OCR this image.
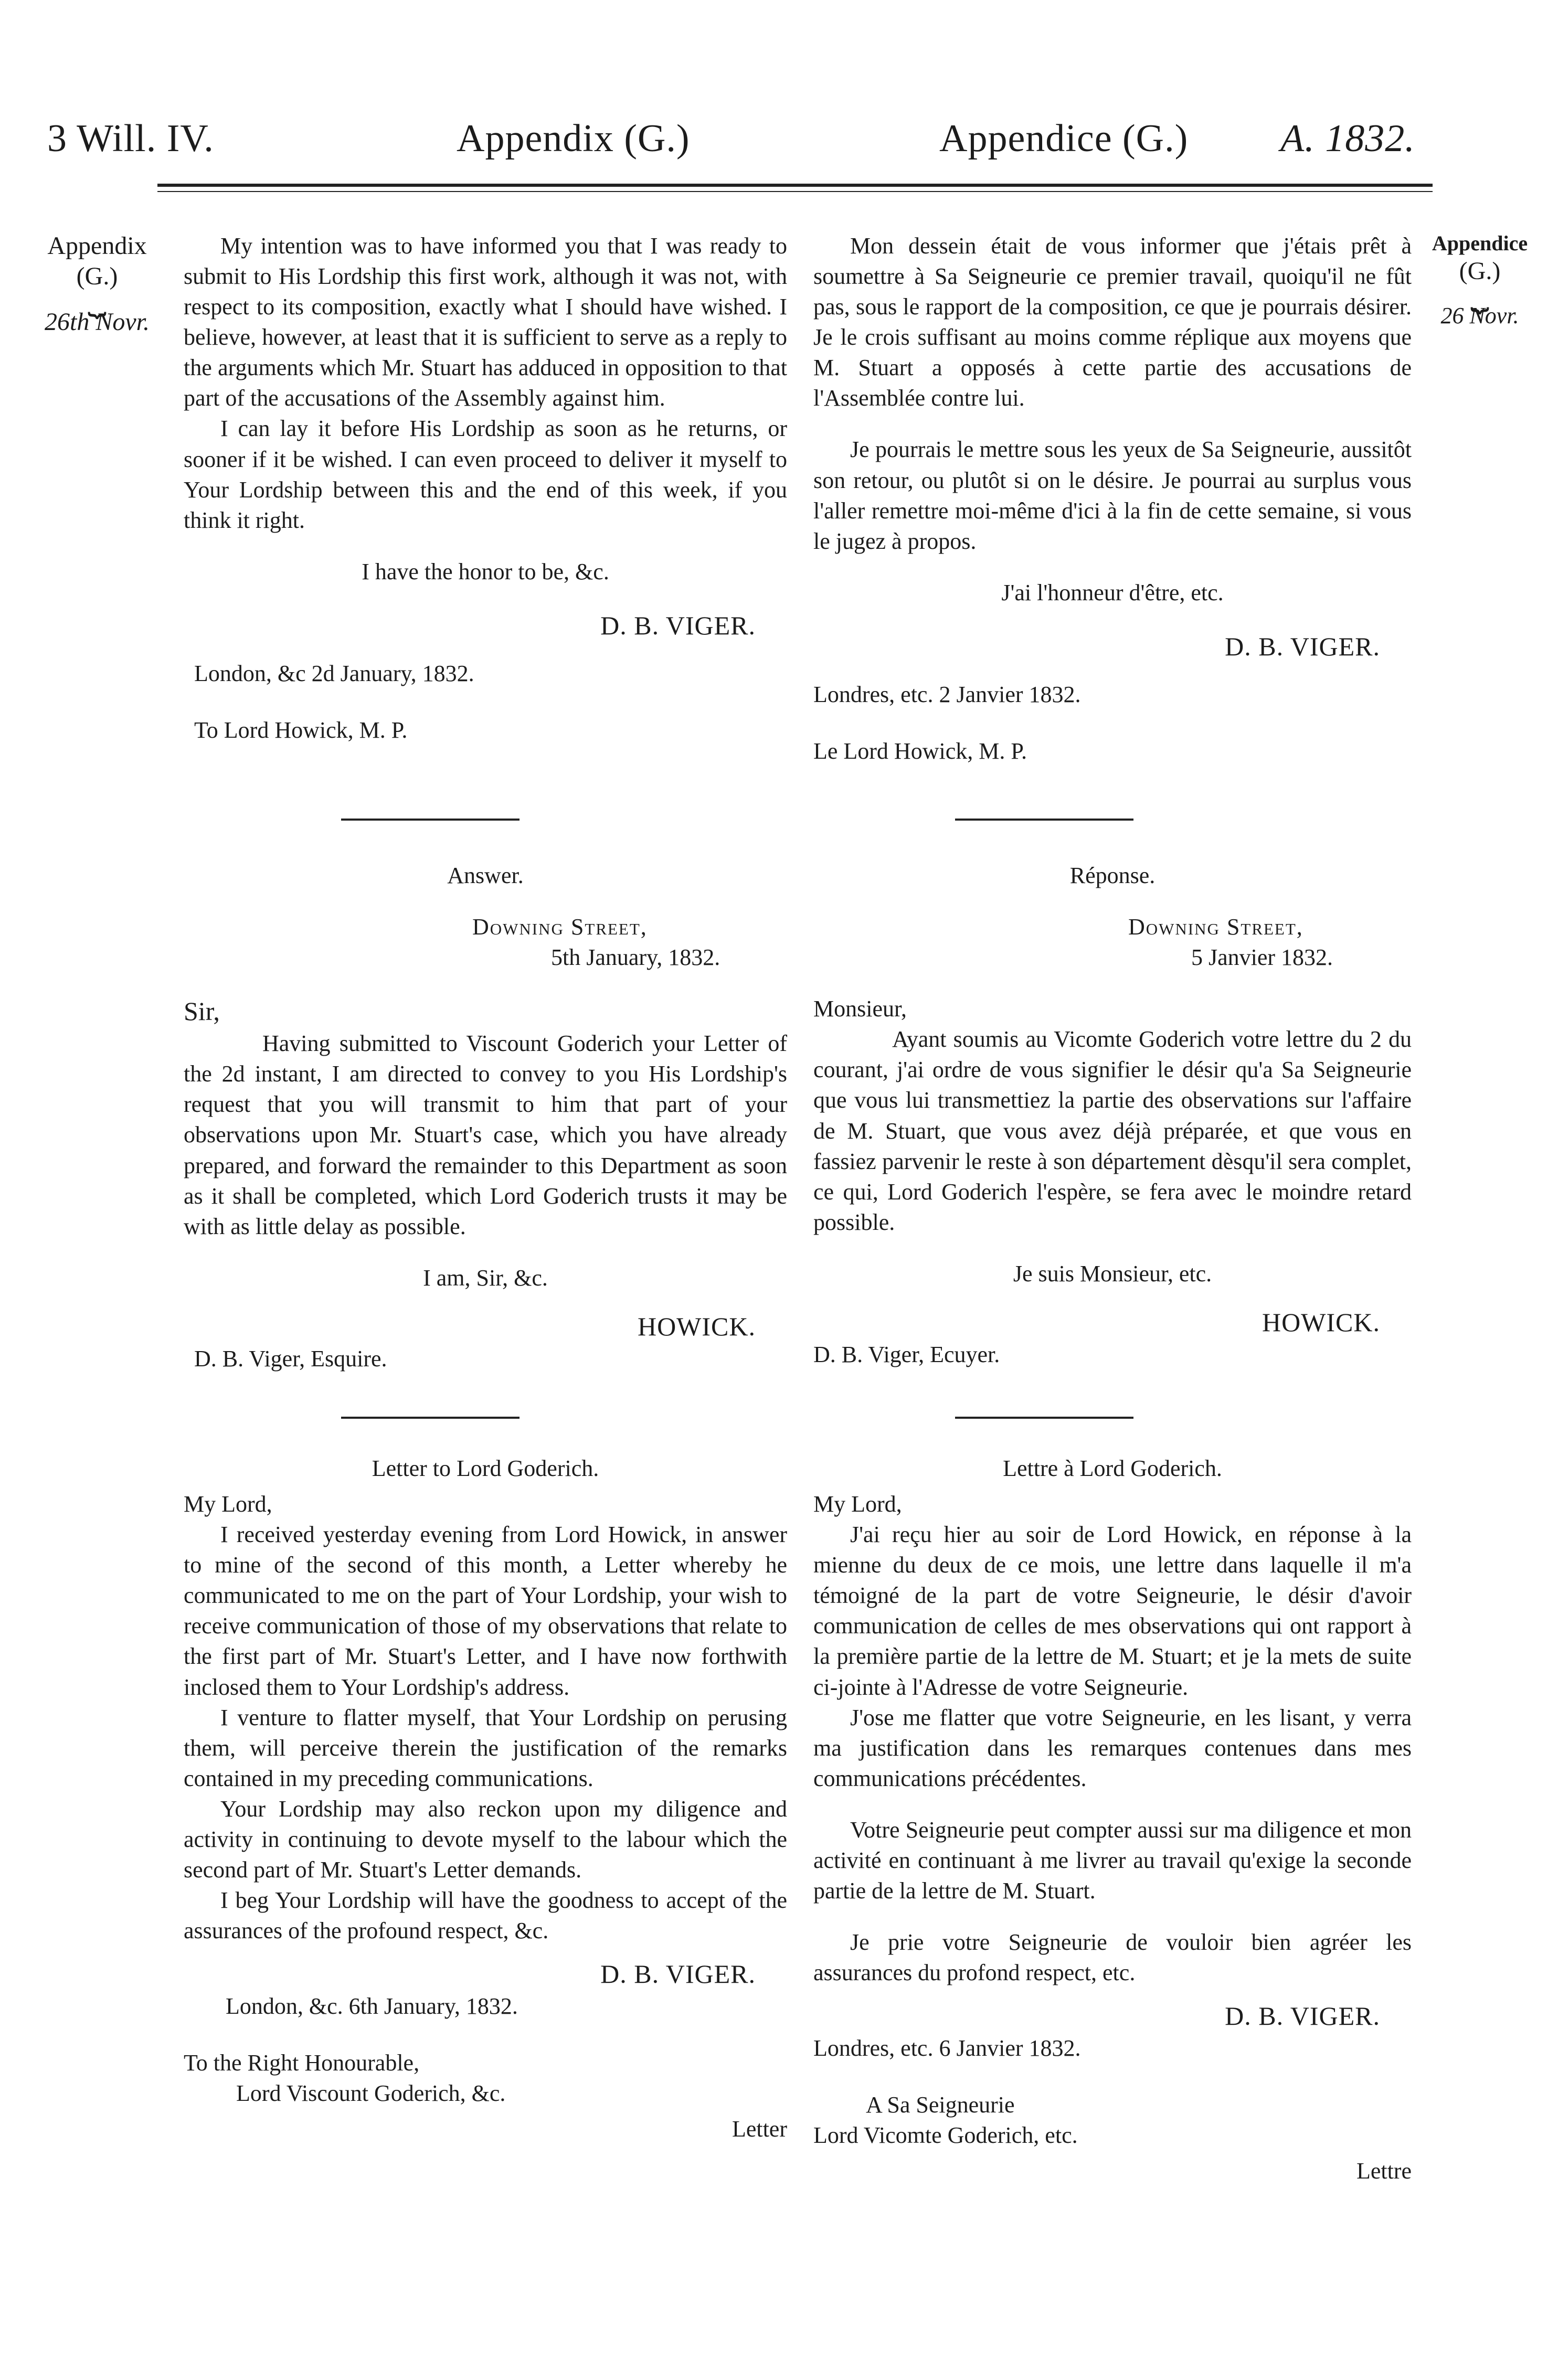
3 Will. IV.	Appendix (G.)	Appendice (G.) A. 1832.
Appendix
(G.)
⏟
26th Novr.
Appendice
(G.)
⏟
26 Novr.

My intention was to have informed you that I was ready to submit to His Lordship this first work, although it was not, with respect to its composition, exactly what I should have wished. I believe, however, at least that it is sufficient to serve as a reply to the arguments which Mr. Stuart has adduced in opposition to that part of the accusations of the Assembly against him.

I can lay it before His Lordship as soon as he returns, or sooner if it be wished. I can even proceed to deliver it myself to Your Lordship between this and the end of this week, if you think it right.

I have the honor to be, &c.

D. B. VIGER.

London, &c 2d January, 1832.

To Lord Howick, M. P.

Mon dessein était de vous informer que j'étais prêt à soumettre à Sa Seigneurie ce premier travail, quoiqu'il ne fût pas, sous le rapport de la composition, ce que je pourrais désirer. Je le crois suffisant au moins comme réplique aux moyens que M. Stuart a opposés à cette partie des accusations de l'Assemblée contre lui.

Je pourrais le mettre sous les yeux de Sa Seigneurie, aussitôt son retour, ou plutôt si on le désire. Je pourrai au surplus vous l'aller remettre moi-même d'ici à la fin de cette semaine, si vous le jugez à propos.

J'ai l'honneur d'être, etc.

D. B. VIGER.

Londres, etc. 2 Janvier 1832.

Le Lord Howick, M. P.

Answer.

Downing Street,

5th January, 1832.

Sir,

Having submitted to Viscount Goderich your Letter of the 2d instant, I am directed to convey to you His Lordship's request that you will transmit to him that part of your observations upon Mr. Stuart's case, which you have already prepared, and forward the remainder to this Department as soon as it shall be completed, which Lord Goderich trusts it may be with as little delay as possible.

I am, Sir, &c.

HOWICK.

D. B. Viger, Esquire.

Réponse.

Downing Street,

5 Janvier 1832.

Monsieur,

Ayant soumis au Vicomte Goderich votre lettre du 2 du courant, j'ai ordre de vous signifier le désir qu'a Sa Seigneurie que vous lui transmettiez la partie des observations sur l'affaire de M. Stuart, que vous avez déjà préparée, et que vous en fassiez parvenir le reste à son département dèsqu'il sera complet, ce qui, Lord Goderich l'espère, se fera avec le moindre retard possible.

Je suis Monsieur, etc.

HOWICK.

D. B. Viger, Ecuyer.

Letter to Lord Goderich.

My Lord,

I received yesterday evening from Lord Howick, in answer to mine of the second of this month, a Letter whereby he communicated to me on the part of Your Lordship, your wish to receive communication of those of my observations that relate to the first part of Mr. Stuart's Letter, and I have now forthwith inclosed them to Your Lordship's address.

I venture to flatter myself, that Your Lordship on perusing them, will perceive therein the justification of the remarks contained in my preceding communications.

Your Lordship may also reckon upon my diligence and activity in continuing to devote myself to the labour which the second part of Mr. Stuart's Letter demands.

I beg Your Lordship will have the goodness to accept of the assurances of the profound respect, &c.

D. B. VIGER.

London, &c. 6th January, 1832.

To the Right Honourable,

Lord Viscount Goderich, &c.

Letter

Lettre à Lord Goderich.

My Lord,

J'ai reçu hier au soir de Lord Howick, en réponse à la mienne du deux de ce mois, une lettre dans laquelle il m'a témoigné de la part de votre Seigneurie, le désir d'avoir communication de celles de mes observations qui ont rapport à la première partie de la lettre de M. Stuart; et je la mets de suite ci-jointe à l'Adresse de votre Seigneurie.

J'ose me flatter que votre Seigneurie, en les lisant, y verra ma justification dans les remarques contenues dans mes communications précédentes.

Votre Seigneurie peut compter aussi sur ma diligence et mon activité en continuant à me livrer au travail qu'exige la seconde partie de la lettre de M. Stuart.

Je prie votre Seigneurie de vouloir bien agréer les assurances du profond respect, etc.

D. B. VIGER.

Londres, etc. 6 Janvier 1832.

A Sa Seigneurie

Lord Vicomte Goderich, etc.

Lettre
